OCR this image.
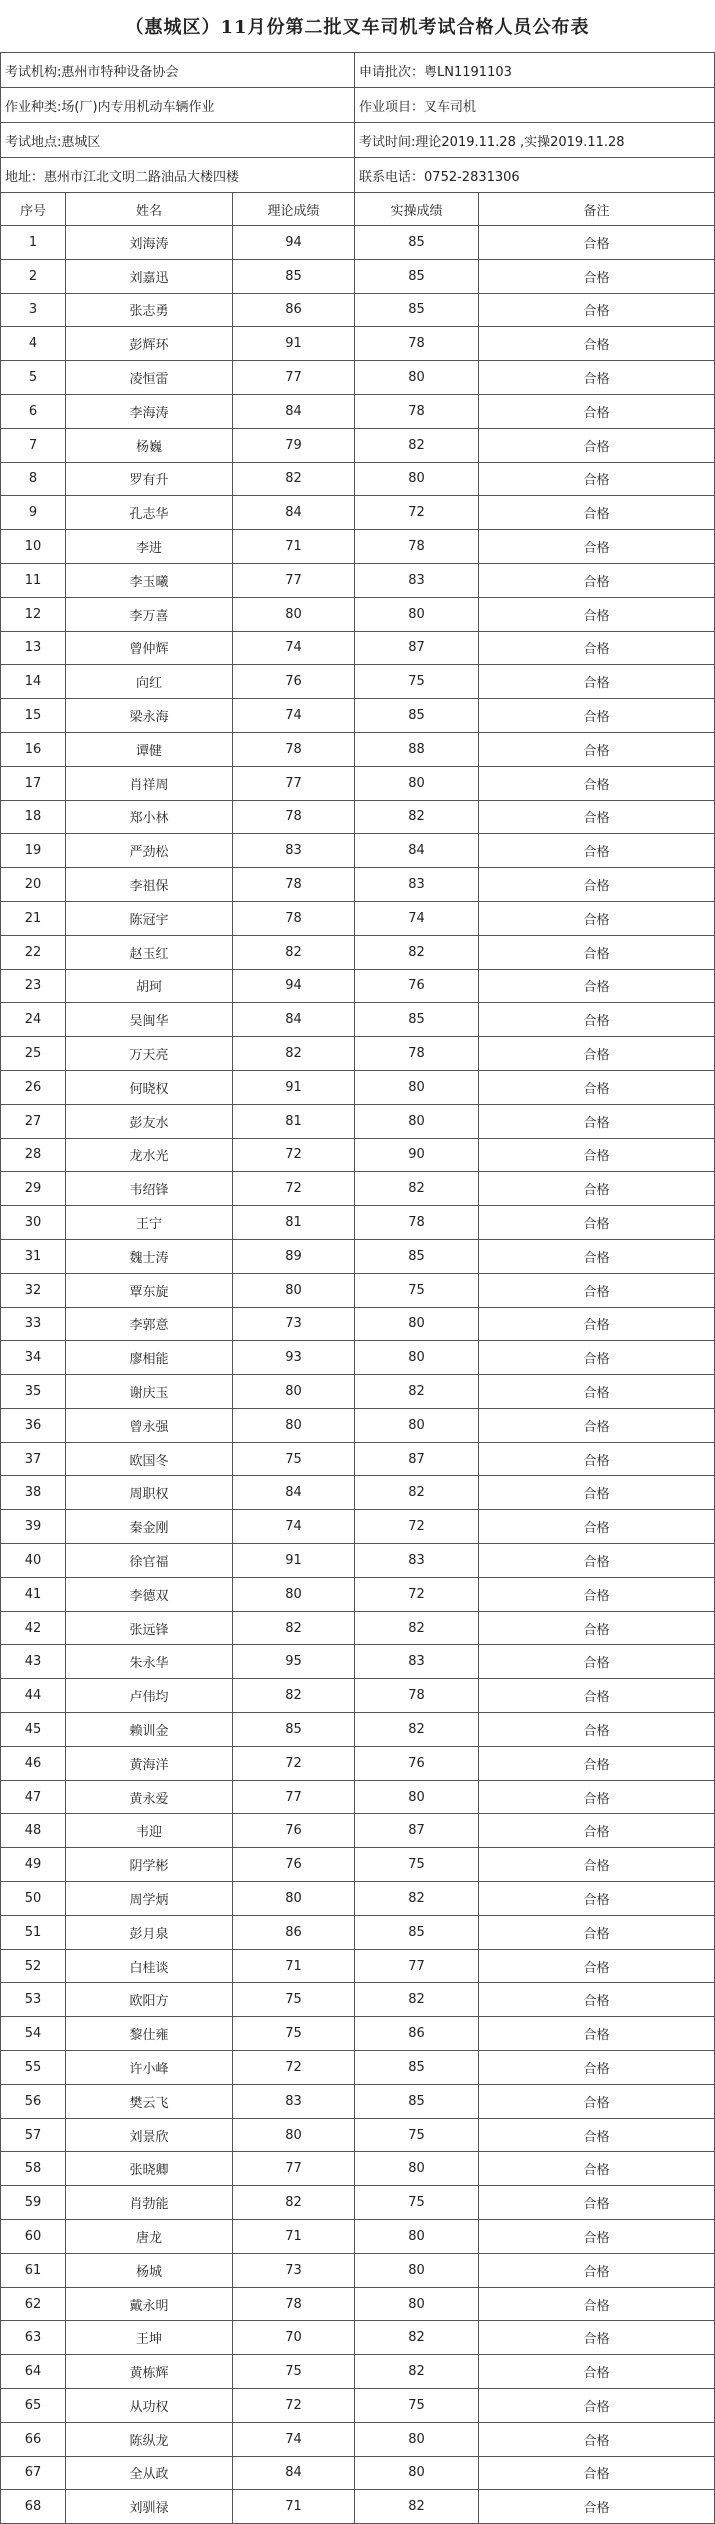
（惠城区）11月份第二批叉车司机考试合格人员公布表
考试机构:惠州市特种设备协会			申请批次：粤LN1191103	
作业种类:场(厂)内专用机动车辆作业			作业项目：叉车司机	
考试地点:惠城区			考试时间:理论2019.11.28 ,实操2019.11.28	
地址：惠州市江北文明二路油品大楼四楼			联系电话：0752-2831306	
序号	姓名	理论成绩	实操成绩	备注
1	刘海涛	94	85	合格
2	刘嘉迅	85	85	合格
3	张志勇	86	85	合格
4	彭辉环	91	78	合格
5	凌恒雷	77	80	合格
6	李海涛	84	78	合格
7	杨巍	79	82	合格
8	罗有升	82	80	合格
9	孔志华	84	72	合格
10	李进	71	78	合格
11	李玉曦	77	83	合格
12	李万喜	80	80	合格
13	曾仲辉	74	87	合格
14	向红	76	75	合格
15	梁永海	74	85	合格
16	谭健	78	88	合格
17	肖祥周	77	80	合格
18	郑小林	78	82	合格
19	严劲松	83	84	合格
20	李祖保	78	83	合格
21	陈冠宇	78	74	合格
22	赵玉红	82	82	合格
23	胡珂	94	76	合格
24	吴闽华	84	85	合格
25	万天亮	82	78	合格
26	何晓权	91	80	合格
27	彭友水	81	80	合格
28	龙水光	72	90	合格
29	韦绍锋	72	82	合格
30	王宁	81	78	合格
31	魏士涛	89	85	合格
32	覃东旋	80	75	合格
33	李郭意	73	80	合格
34	廖相能	93	80	合格
35	谢庆玉	80	82	合格
36	曾永强	80	80	合格
37	欧国冬	75	87	合格
38	周职权	84	82	合格
39	秦金刚	74	72	合格
40	徐官福	91	83	合格
41	李德双	80	72	合格
42	张远锋	82	82	合格
43	朱永华	95	83	合格
44	卢伟均	82	78	合格
45	赖训金	85	82	合格
46	黄海洋	72	76	合格
47	黄永爱	77	80	合格
48	韦迎	76	87	合格
49	阴学彬	76	75	合格
50	周学炳	80	82	合格
51	彭月泉	86	85	合格
52	白桂谈	71	77	合格
53	欧阳方	75	82	合格
54	黎仕雍	75	86	合格
55	许小峰	72	85	合格
56	樊云飞	83	85	合格
57	刘景欣	80	75	合格
58	张晓卿	77	80	合格
59	肖勃能	82	75	合格
60	唐龙	71	80	合格
61	杨城	73	80	合格
62	戴永明	78	80	合格
63	王坤	70	82	合格
64	黄栋辉	75	82	合格
65	从功权	72	75	合格
66	陈纵龙	74	80	合格
67	全从政	84	80	合格
68	刘驯禄	71	82	合格
